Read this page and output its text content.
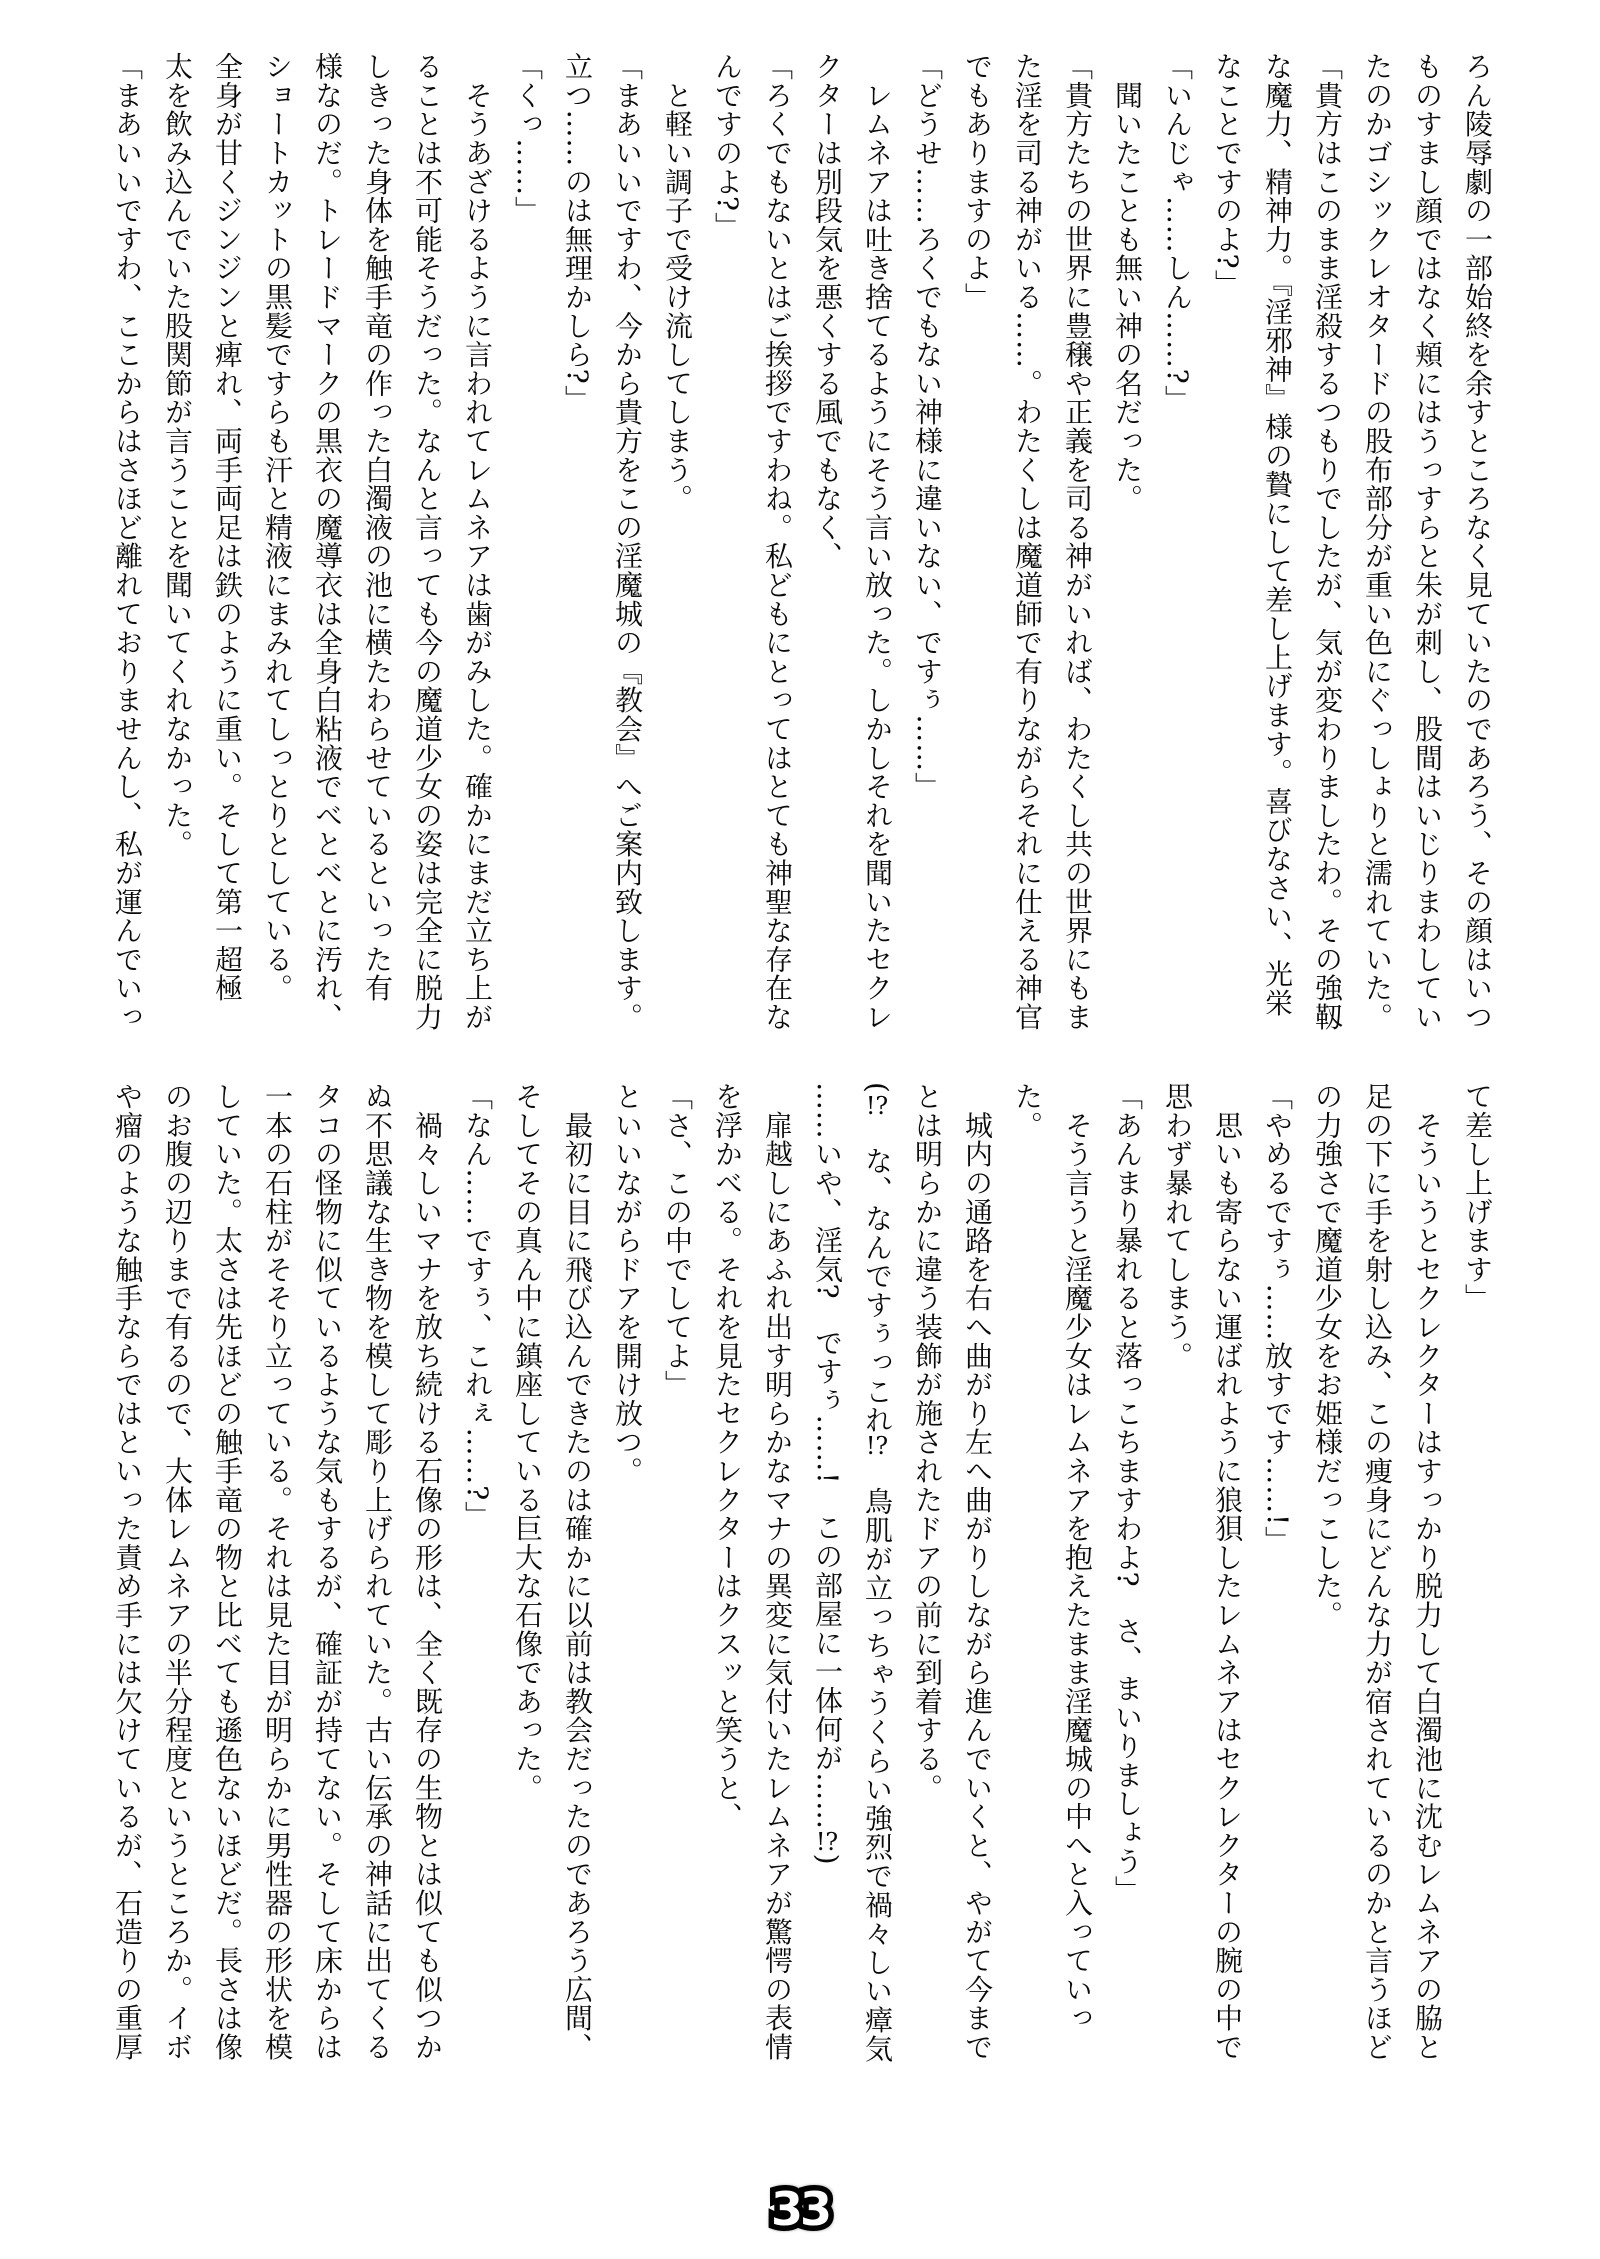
ろん陵辱劇の一部始終を余すところなく見ていたのであろう、その顔はいつ
ものすまし顔ではなく頬にはうっすらと朱が刺し、股間はいじりまわしてい
たのかゴシックレオタードの股布部分が重い色にぐっしょりと濡れていた。
「貴方はこのまま淫殺するつもりでしたが、気が変わりましたわ。その強靱
な魔力、精神力。『淫邪神』様の贄にして差し上げます。喜びなさい、光栄
なことですのよ?」
「いんじゃ……しん……?」
　聞いたことも無い神の名だった。
「貴方たちの世界に豊穣や正義を司る神がいれば、わたくし共の世界にもま
た淫を司る神がいる……。わたくしは魔道師で有りながらそれに仕える神官
でもありますのよ」
「どうせ……ろくでもない神様に違いない、ですぅ……」
　レムネアは吐き捨てるようにそう言い放った。しかしそれを聞いたセクレ
クターは別段気を悪くする風でもなく、
「ろくでもないとはご挨拶ですわね。私どもにとってはとても神聖な存在な
んですのよ?」
　と軽い調子で受け流してしまう。
「まあいいですわ、今から貴方をこの淫魔城の『教会』へご案内致します。
立つ……のは無理かしら?」
「くっ……」
　そうあざけるように言われてレムネアは歯がみした。確かにまだ立ち上が
ることは不可能そうだった。なんと言っても今の魔道少女の姿は完全に脱力
しきった身体を触手竜の作った白濁液の池に横たわらせているといった有
様なのだ。トレードマークの黒衣の魔導衣は全身白粘液でべとべとに汚れ、
ショートカットの黒髪ですらも汗と精液にまみれてしっとりとしている。
全身が甘くジンジンと痺れ、両手両足は鉄のように重い。そして第一超極
太を飲み込んでいた股関節が言うことを聞いてくれなかった。
「まあいいですわ、ここからはさほど離れておりませんし、私が運んでいっ
て差し上げます」
　そういうとセクレクターはすっかり脱力して白濁池に沈むレムネアの脇と
足の下に手を射し込み、この痩身にどんな力が宿されているのかと言うほど
の力強さで魔道少女をお姫様だっこした。
「やめるですぅ……放すです……!」
　思いも寄らない運ばれように狼狽したレムネアはセクレクターの腕の中で
思わず暴れてしまう。
「あんまり暴れると落っこちますわよ?　さ、まいりましょう」
　そう言うと淫魔少女はレムネアを抱えたまま淫魔城の中へと入っていっ
た。
　城内の通路を右へ曲がり左へ曲がりしながら進んでいくと、やがて今まで
とは明らかに違う装飾が施されたドアの前に到着する。
(!?　な、なんですぅっこれ!?　鳥肌が立っちゃうくらい強烈で禍々しい瘴気
……いや、淫気?　ですぅ……!　この部屋に一体何が……!?)
　扉越しにあふれ出す明らかなマナの異変に気付いたレムネアが驚愕の表情
を浮かべる。それを見たセクレクターはクスッと笑うと、
「さ、この中でしてよ」
といいながらドアを開け放つ。
　最初に目に飛び込んできたのは確かに以前は教会だったのであろう広間、
そしてその真ん中に鎮座している巨大な石像であった。
「なん……ですぅ、これぇ……?」
　禍々しいマナを放ち続ける石像の形は、全く既存の生物とは似ても似つか
ぬ不思議な生き物を模して彫り上げられていた。古い伝承の神話に出てくる
タコの怪物に似ているような気もするが、確証が持てない。そして床からは
一本の石柱がそそり立っている。それは見た目が明らかに男性器の形状を模
していた。太さは先ほどの触手竜の物と比べても遜色ないほどだ。長さは像
のお腹の辺りまで有るので、大体レムネアの半分程度というところか。イボ
や瘤のような触手ならではといった責め手には欠けているが、石造りの重厚
33
